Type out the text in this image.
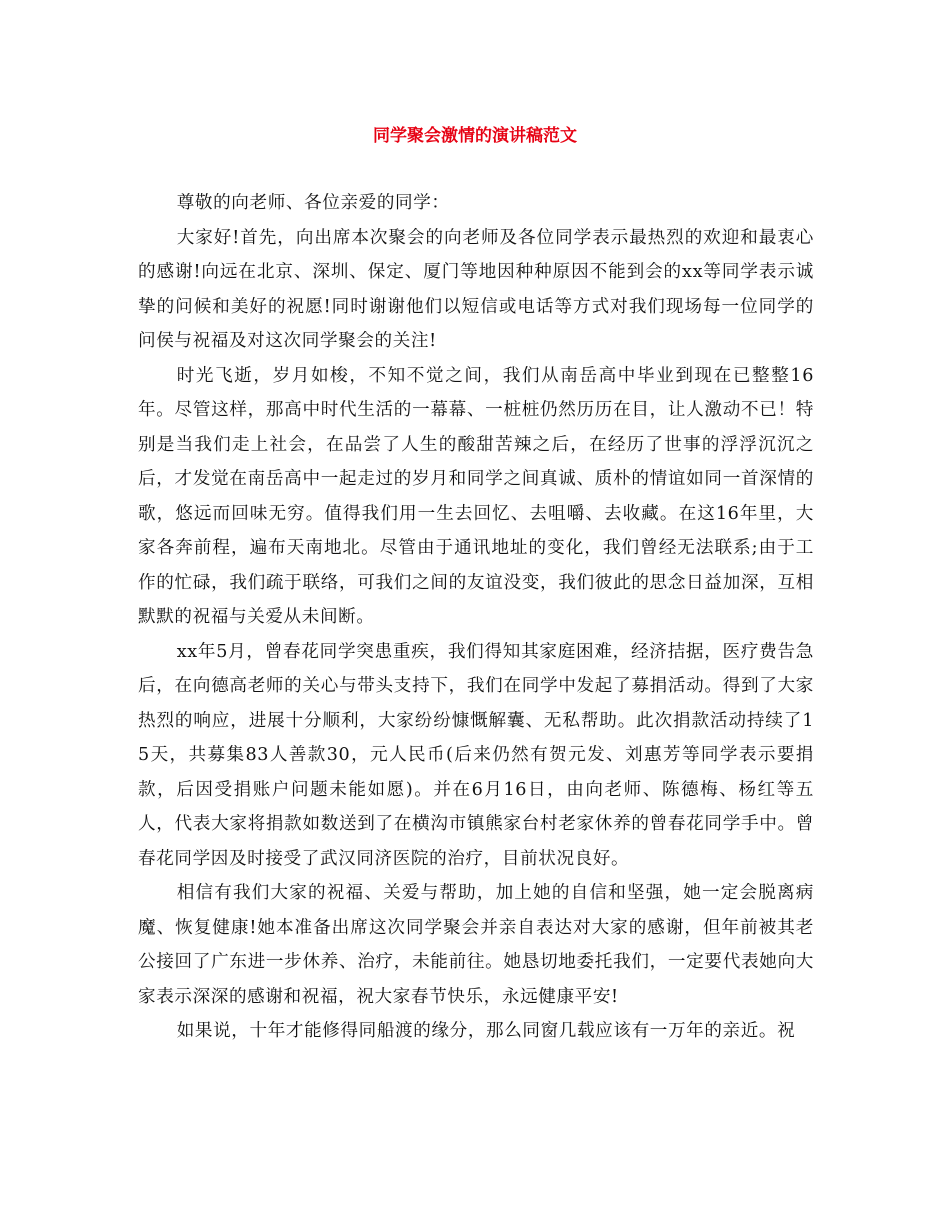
同学聚会激情的演讲稿范文

尊敬的向老师、各位亲爱的同学：

大家好!首先，向出席本次聚会的向老师及各位同学表示最热烈的欢迎和最衷心的感谢!向远在北京、深圳、保定、厦门等地因种种原因不能到会的xx等同学表示诚挚的问候和美好的祝愿!同时谢谢他们以短信或电话等方式对我们现场每一位同学的问侯与祝福及对这次同学聚会的关注!

时光飞逝，岁月如梭，不知不觉之间，我们从南岳高中毕业到现在已整整16年。尽管这样，那高中时代生活的一幕幕、一桩桩仍然历历在目，让人激动不已！特别是当我们走上社会，在品尝了人生的酸甜苦辣之后，在经历了世事的浮浮沉沉之后，才发觉在南岳高中一起走过的岁月和同学之间真诚、质朴的情谊如同一首深情的歌，悠远而回味无穷。值得我们用一生去回忆、去咀嚼、去收藏。在这16年里，大家各奔前程，遍布天南地北。尽管由于通讯地址的变化，我们曾经无法联系;由于工作的忙碌，我们疏于联络，可我们之间的友谊没变，我们彼此的思念日益加深，互相默默的祝福与关爱从未间断。

xx年5月，曾春花同学突患重疾，我们得知其家庭困难，经济拮据，医疗费告急后，在向德高老师的关心与带头支持下，我们在同学中发起了募捐活动。得到了大家热烈的响应，进展十分顺利，大家纷纷慷慨解囊、无私帮助。此次捐款活动持续了15天，共募集83人善款30，元人民币(后来仍然有贺元发、刘惠芳等同学表示要捐款，后因受捐账户问题未能如愿)。并在6月16日，由向老师、陈德梅、杨红等五人，代表大家将捐款如数送到了在横沟市镇熊家台村老家休养的曾春花同学手中。曾春花同学因及时接受了武汉同济医院的治疗，目前状况良好。

相信有我们大家的祝福、关爱与帮助，加上她的自信和坚强，她一定会脱离病魔、恢复健康!她本准备出席这次同学聚会并亲自表达对大家的感谢，但年前被其老公接回了广东进一步休养、治疗，未能前往。她恳切地委托我们，一定要代表她向大家表示深深的感谢和祝福，祝大家春节快乐，永远健康平安!

如果说，十年才能修得同船渡的缘分，那么同窗几载应该有一万年的亲近。祝
